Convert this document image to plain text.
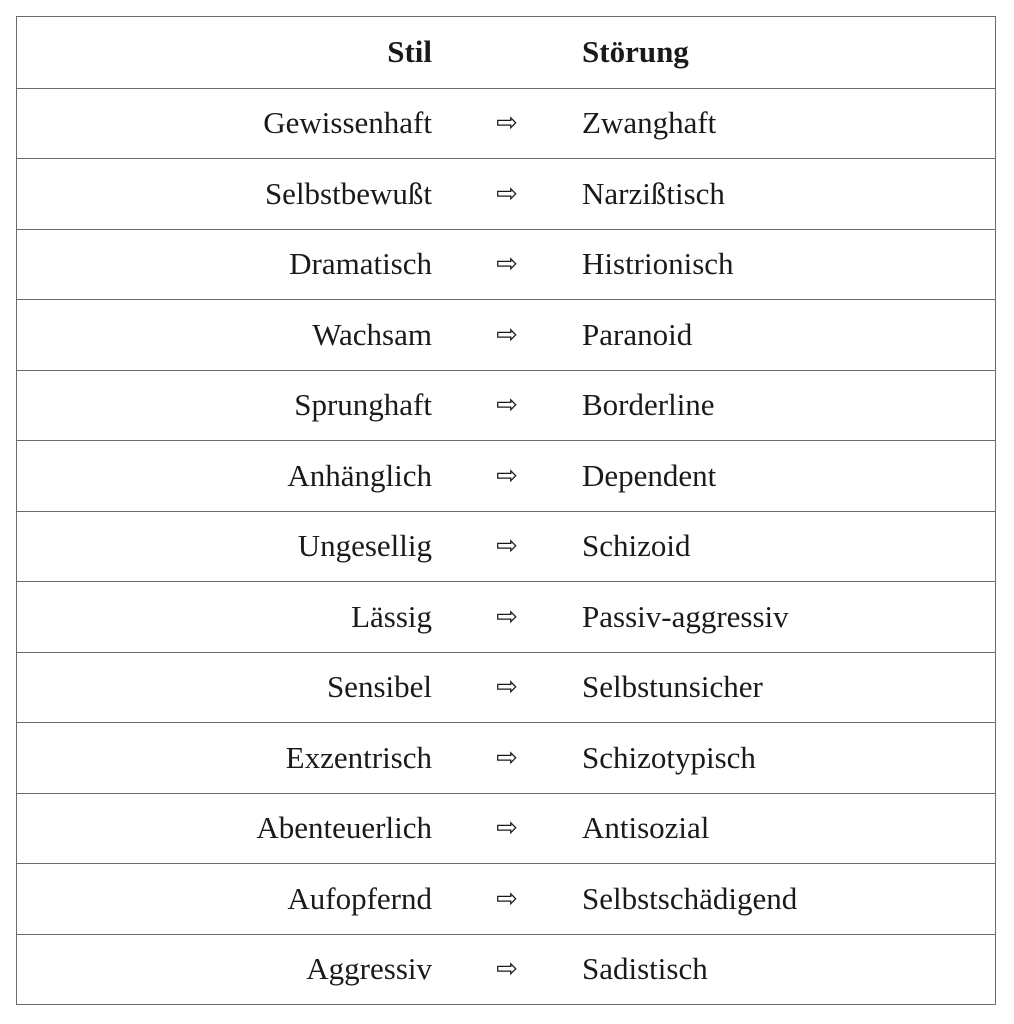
Stil	Störung
Gewissenhaft	⇨	Zwanghaft
Selbstbewußt	⇨	Narzißtisch
Dramatisch	⇨	Histrionisch
Wachsam	⇨	Paranoid
Sprunghaft	⇨	Borderline
Anhänglich	⇨	Dependent
Ungesellig	⇨	Schizoid
Lässig	⇨	Passiv-aggressiv
Sensibel	⇨	Selbstunsicher
Exzentrisch	⇨	Schizotypisch
Abenteuerlich	⇨	Antisozial
Aufopfernd	⇨	Selbstschädigend
Aggressiv	⇨	Sadistisch
